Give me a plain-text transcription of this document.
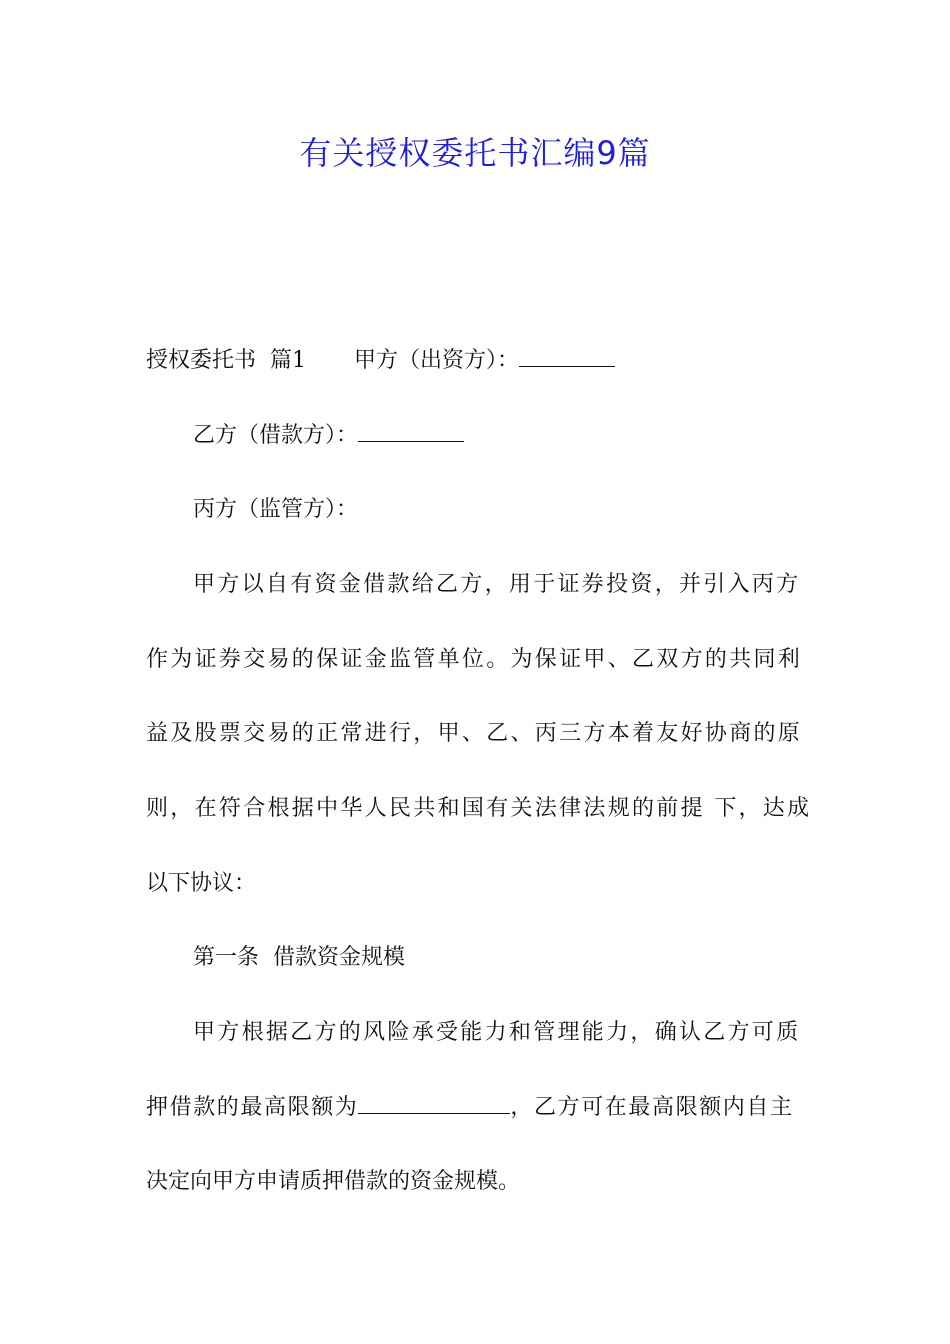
有关授权委托书汇编9篇

授权委托书 篇1 甲方（出资方）：

乙方（借款方）：

丙方（监管方）：

甲方以自有资金借款给乙方，用于证券投资，并引入丙方

作为证券交易的保证金监管单位。为保证甲、乙双方的共同利

益及股票交易的正常进行，甲、乙、丙三方本着友好协商的原

则，在符合根据中华人民共和国有关法律法规的前提 下，达成

以下协议：

第一条 借款资金规模

甲方根据乙方的风险承受能力和管理能力，确认乙方可质

押借款的最高限额为	，乙方可在最高限额内自主

决定向甲方申请质押借款的资金规模。
